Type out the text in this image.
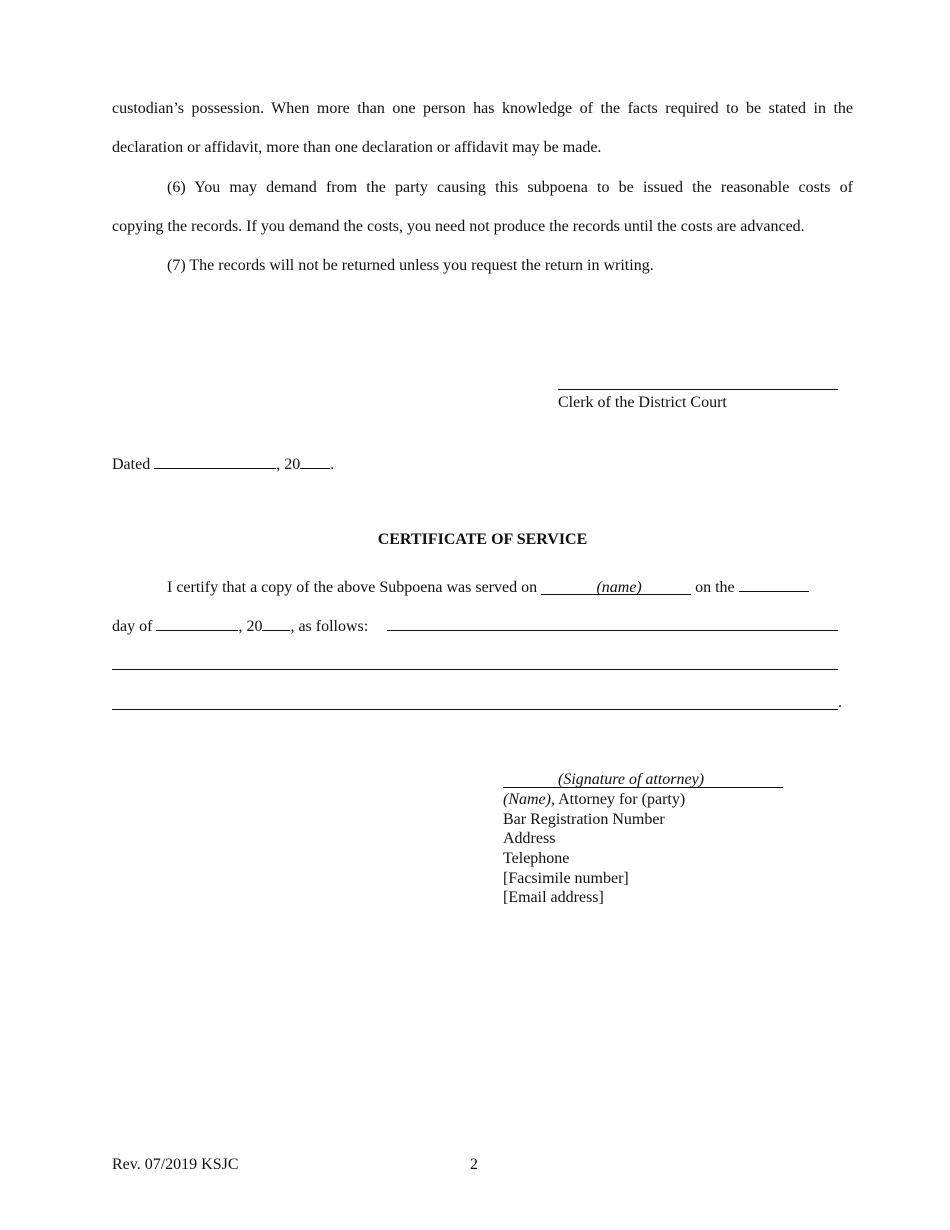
custodian’s possession. When more than one person has knowledge of the facts required to be stated in the
declaration or affidavit, more than one declaration or affidavit may be made.
(6) You may demand from the party causing this subpoena to be issued the reasonable costs of
copying the records. If you demand the costs, you need not produce the records until the costs are advanced.
(7) The records will not be returned unless you request the return in writing.
Clerk of the District Court
Dated	, 20 .
CERTIFICATE OF SERVICE
I certify that a copy of the above Subpoena was served on	(name)	on the
day of	, 20 , as follows:
.
(Signature of attorney)
(Name), Attorney for (party)
Bar Registration Number
Address
Telephone
[Facsimile number]
[Email address]
Rev. 07/2019 KSJC	2
